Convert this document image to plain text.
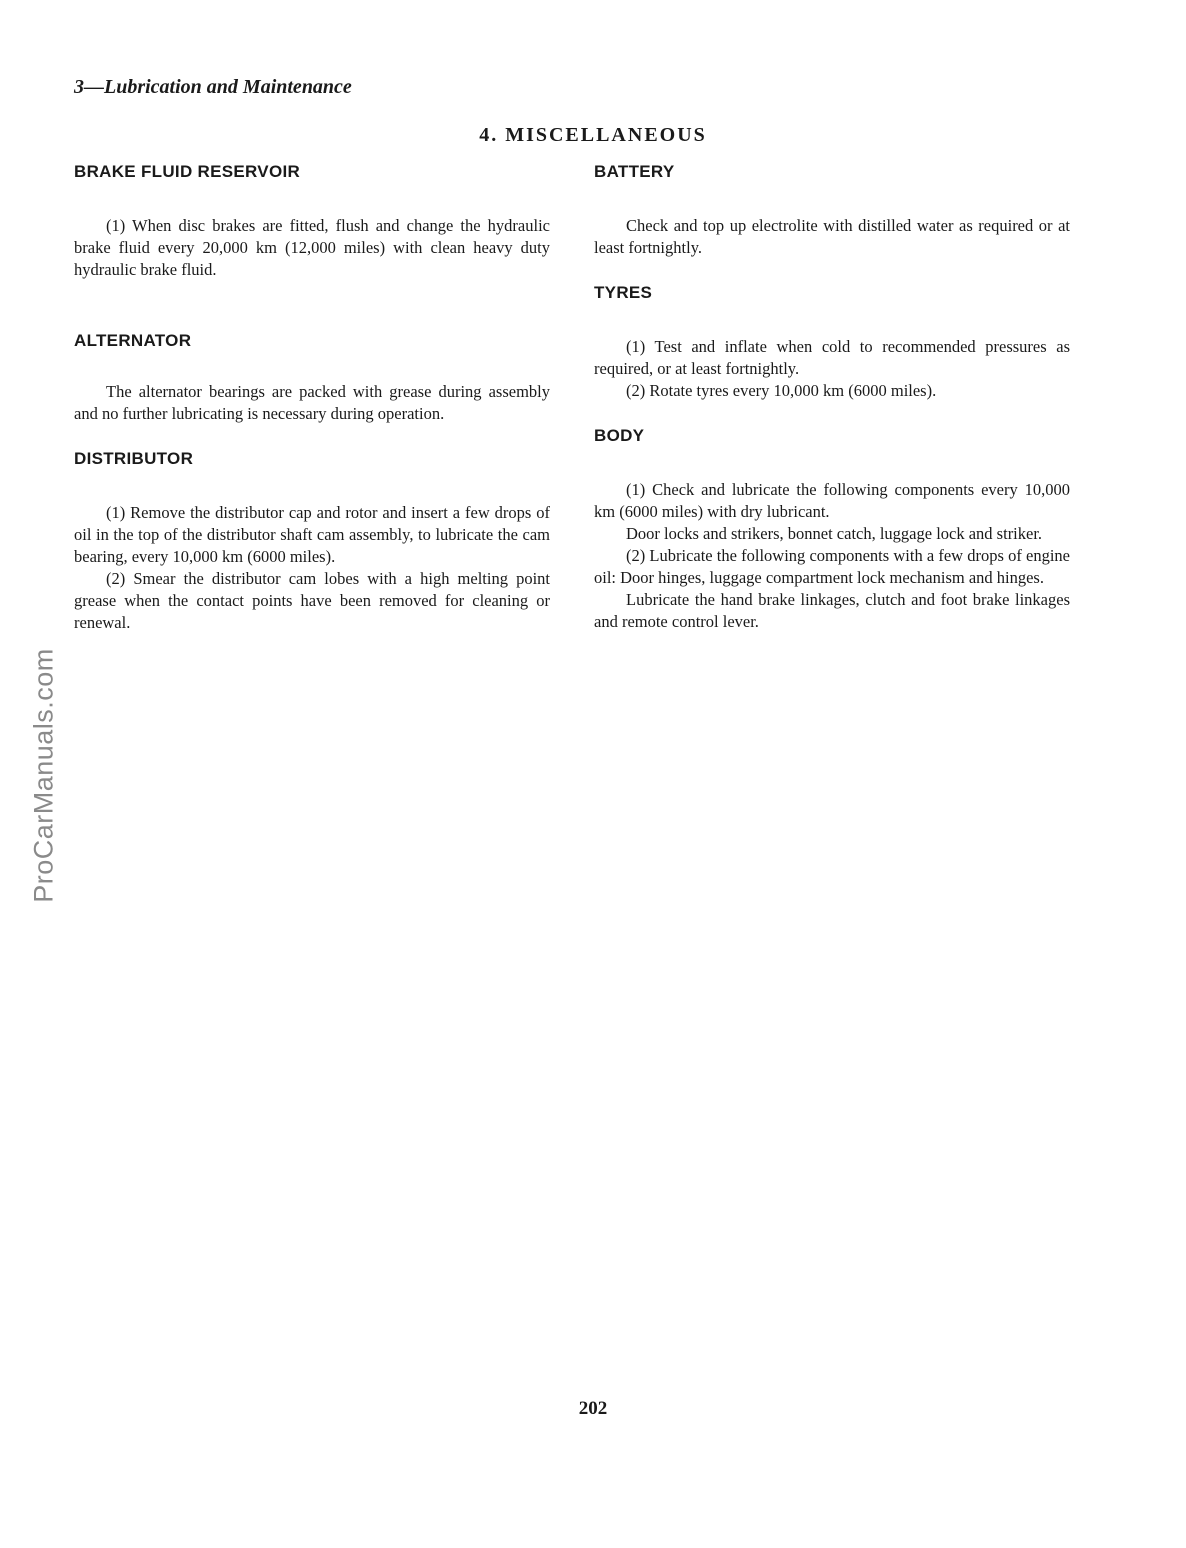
3—Lubrication and Maintenance
4. MISCELLANEOUS
BRAKE FLUID RESERVOIR

(1) When disc brakes are fitted, flush and change the hydraulic brake fluid every 20,000 km (12,000 miles) with clean heavy duty hydraulic brake fluid.

ALTERNATOR

The alternator bearings are packed with grease during assembly and no further lubricating is necessary during operation.

DISTRIBUTOR

(1) Remove the distributor cap and rotor and insert a few drops of oil in the top of the distributor shaft cam assembly, to lubricate the cam bearing, every 10,000 km (6000 miles).

(2) Smear the distributor cam lobes with a high melting point grease when the contact points have been removed for cleaning or renewal.

BATTERY

Check and top up electrolite with distilled water as required or at least fortnightly.

TYRES

(1) Test and inflate when cold to recommended pressures as required, or at least fortnightly.

(2) Rotate tyres every 10,000 km (6000 miles).

BODY

(1) Check and lubricate the following components every 10,000 km (6000 miles) with dry lubricant.

Door locks and strikers, bonnet catch, luggage lock and striker.

(2) Lubricate the following components with a few drops of engine oil: Door hinges, luggage compartment lock mechanism and hinges.

Lubricate the hand brake linkages, clutch and foot brake linkages and remote control lever.

202
ProCarManuals.com
